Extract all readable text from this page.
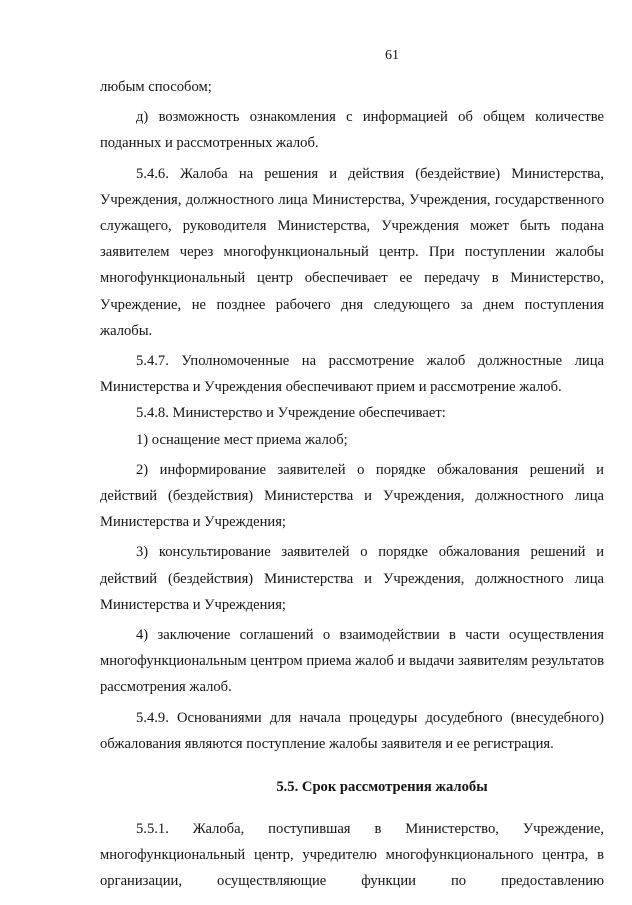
61

любым способом;

д) возможность ознакомления с информацией об общем количестве поданных и рассмотренных жалоб.

5.4.6. Жалоба на решения и действия (бездействие) Министерства, Учреждения, должностного лица Министерства, Учреждения, государственного служащего, руководителя Министерства, Учреждения может быть подана заявителем через многофункциональный центр. При поступлении жалобы многофункциональный центр обеспечивает ее передачу в Министерство, Учреждение, не позднее рабочего дня следующего за днем поступления жалобы.

5.4.7. Уполномоченные на рассмотрение жалоб должностные лица Министерства и Учреждения обеспечивают прием и рассмотрение жалоб.

5.4.8. Министерство и Учреждение обеспечивает:

1) оснащение мест приема жалоб;

2) информирование заявителей о порядке обжалования решений и действий (бездействия) Министерства и Учреждения, должностного лица Министерства и Учреждения;

3) консультирование заявителей о порядке обжалования решений и действий (бездействия) Министерства и Учреждения, должностного лица Министерства и Учреждения;

4) заключение соглашений о взаимодействии в части осуществления многофункциональным центром приема жалоб и выдачи заявителям результатов рассмотрения жалоб.

5.4.9. Основаниями для начала процедуры досудебного (внесудебного) обжалования являются поступление жалобы заявителя и ее регистрация.

5.5. Срок рассмотрения жалобы

5.5.1. Жалоба, поступившая в Министерство, Учреждение, многофункциональный центр, учредителю многофункционального центра, в организации, осуществляющие функции по предоставлению
